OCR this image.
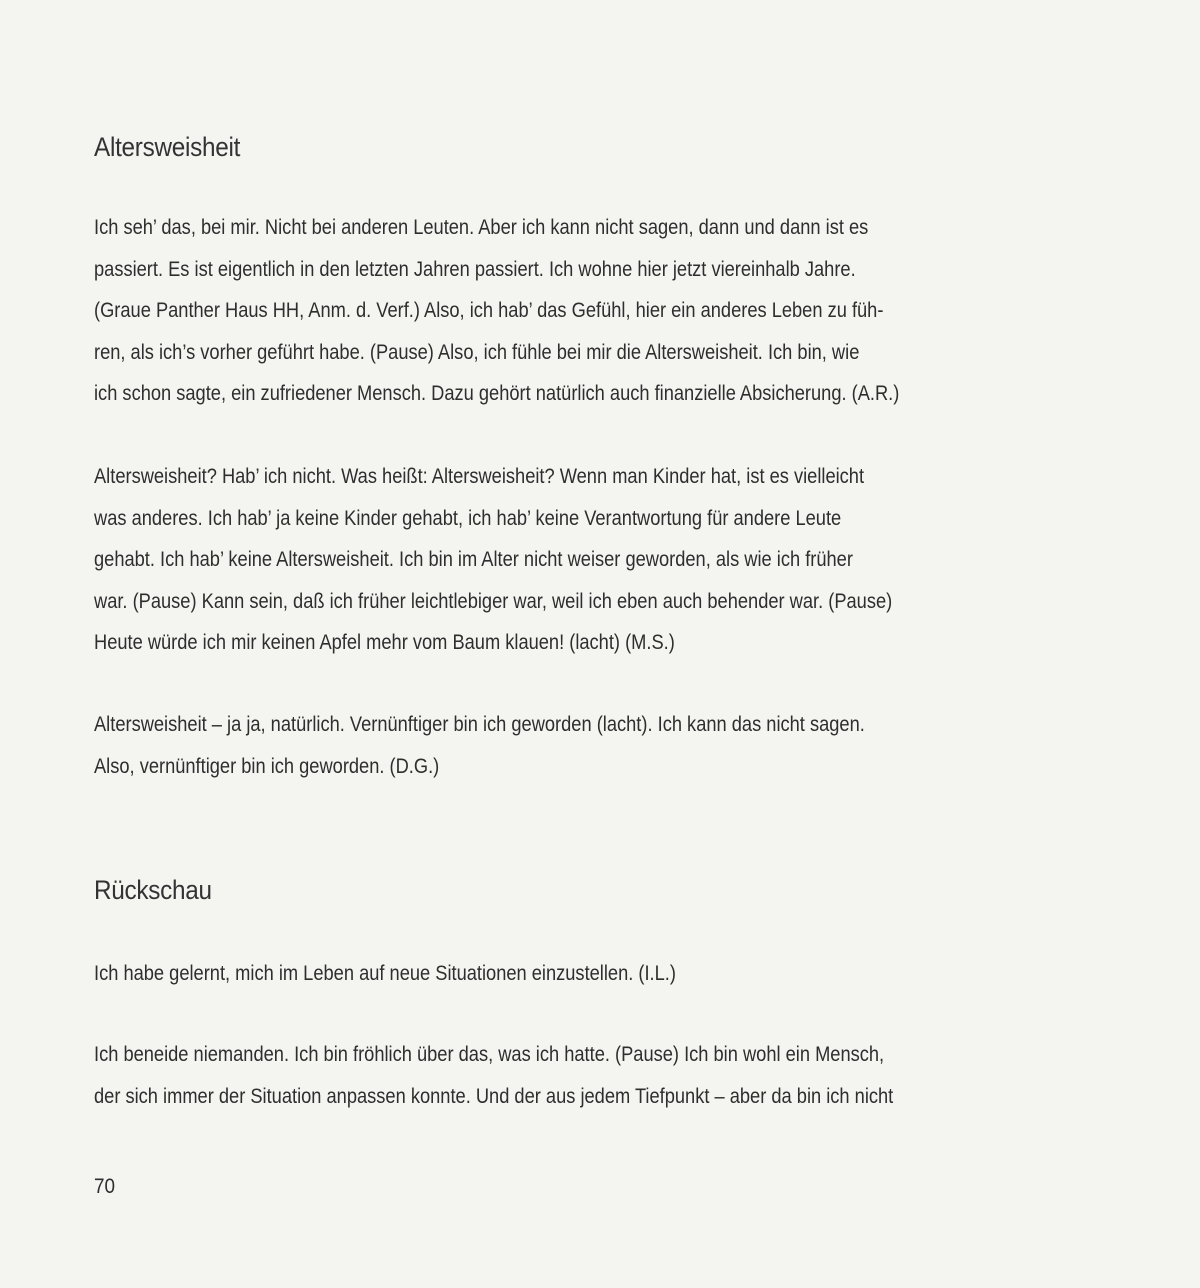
Altersweisheit

Ich seh’ das, bei mir. Nicht bei anderen Leuten. Aber ich kann nicht sagen, dann und dann ist es
passiert. Es ist eigentlich in den letzten Jahren passiert. Ich wohne hier jetzt viereinhalb Jahre.
(Graue Panther Haus HH, Anm. d. Verf.) Also, ich hab’ das Gefühl, hier ein anderes Leben zu füh-
ren, als ich’s vorher geführt habe. (Pause) Also, ich fühle bei mir die Altersweisheit. Ich bin, wie
ich schon sagte, ein zufriedener Mensch. Dazu gehört natürlich auch finanzielle Absicherung. (A.R.)

Altersweisheit? Hab’ ich nicht. Was heißt: Altersweisheit? Wenn man Kinder hat, ist es vielleicht
was anderes. Ich hab’ ja keine Kinder gehabt, ich hab’ keine Verantwortung für andere Leute
gehabt. Ich hab’ keine Altersweisheit. Ich bin im Alter nicht weiser geworden, als wie ich früher
war. (Pause) Kann sein, daß ich früher leichtlebiger war, weil ich eben auch behender war. (Pause)
Heute würde ich mir keinen Apfel mehr vom Baum klauen! (lacht) (M.S.)

Altersweisheit – ja ja, natürlich. Vernünftiger bin ich geworden (lacht). Ich kann das nicht sagen.
Also, vernünftiger bin ich geworden. (D.G.)

Rückschau

Ich habe gelernt, mich im Leben auf neue Situationen einzustellen. (I.L.)

Ich beneide niemanden. Ich bin fröhlich über das, was ich hatte. (Pause) Ich bin wohl ein Mensch,
der sich immer der Situation anpassen konnte. Und der aus jedem Tiefpunkt – aber da bin ich nicht

70
